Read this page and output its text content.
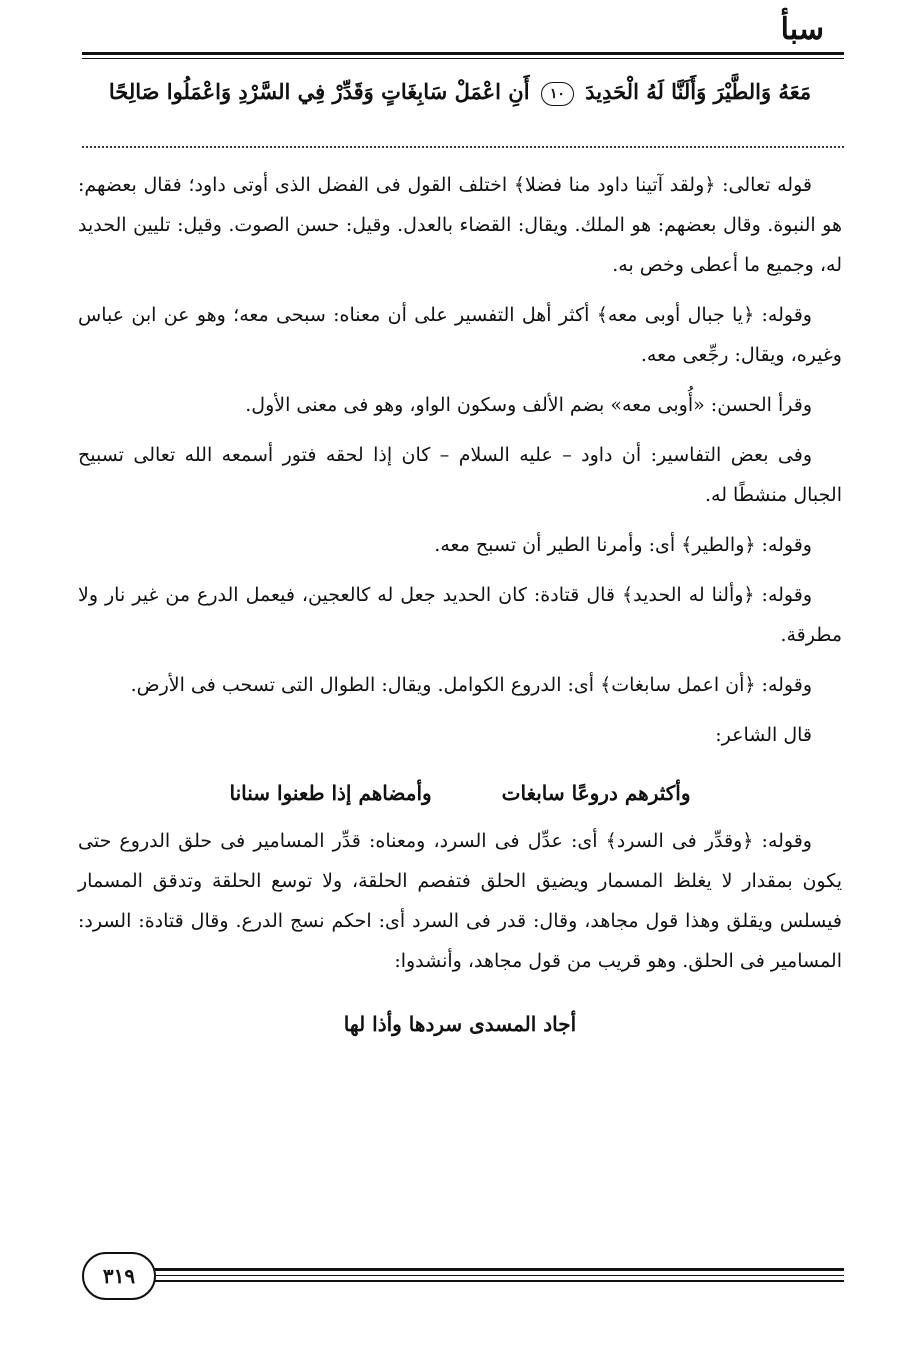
سبأ
مَعَهُ وَالطَّيْرَ وَأَلَنَّا لَهُ الْحَدِيدَ ١٠ أَنِ اعْمَلْ سَابِغَاتٍ وَقَدِّرْ فِي السَّرْدِ وَاعْمَلُوا صَالِحًا

قوله تعالى: ﴿ولقد آتينا داود منا فضلا﴾ اختلف القول فى الفضل الذى أوتى داود؛ فقال بعضهم: هو النبوة. وقال بعضهم: هو الملك. ويقال: القضاء بالعدل. وقيل: حسن الصوت. وقيل: تليين الحديد له، وجميع ما أعطى وخص به.

وقوله: ﴿يا جبال أوبى معه﴾ أكثر أهل التفسير على أن معناه: سبحى معه؛ وهو عن ابن عباس وغيره، ويقال: رجِّعى معه.

وقرأ الحسن: «أُوبى معه» بضم الألف وسكون الواو، وهو فى معنى الأول.

وفى بعض التفاسير: أن داود – عليه السلام – كان إذا لحقه فتور أسمعه الله تعالى تسبيح الجبال منشطًا له.

وقوله: ﴿والطير﴾ أى: وأمرنا الطير أن تسبح معه.

وقوله: ﴿وألنا له الحديد﴾ قال قتادة: كان الحديد جعل له كالعجين، فيعمل الدرع من غير نار ولا مطرقة.

وقوله: ﴿أن اعمل سابغات﴾ أى: الدروع الكوامل. ويقال: الطوال التى تسحب فى الأرض.

قال الشاعر:

وأكثرهم دروعًا سابغات
وأمضاهم إذا طعنوا سنانا

وقوله: ﴿وقدِّر فى السرد﴾ أى: عدِّل فى السرد، ومعناه: قدِّر المسامير فى حلق الدروع حتى يكون بمقدار لا يغلظ المسمار ويضيق الحلق فتفصم الحلقة، ولا توسع الحلقة وتدقق المسمار فيسلس ويقلق وهذا قول مجاهد، وقال: قدر فى السرد أى: احكم نسج الدرع. وقال قتادة: السرد: المسامير فى الحلق. وهو قريب من قول مجاهد، وأنشدوا:

أجاد المسدى سردها وأذا لها
٣١٩
